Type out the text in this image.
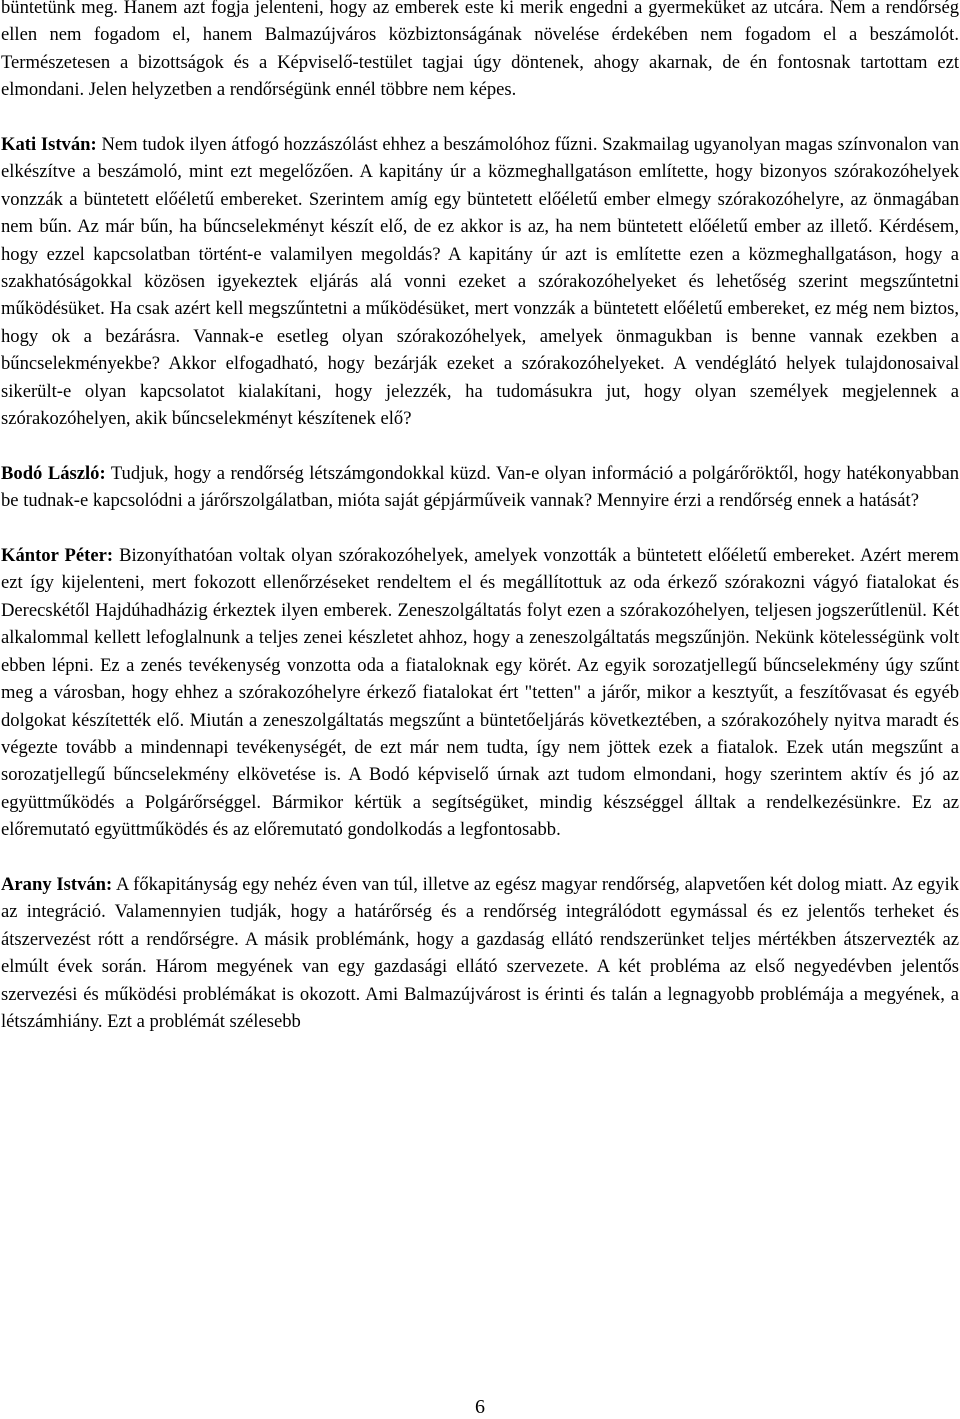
büntetünk meg. Hanem azt fogja jelenteni, hogy az emberek este ki merik engedni a gyermeküket az utcára. Nem a rendőrség ellen nem fogadom el, hanem Balmazújváros közbiztonságának növelése érdekében nem fogadom el a beszámolót. Természetesen a bizottságok és a Képviselő-testület tagjai úgy döntenek, ahogy akarnak, de én fontosnak tartottam ezt elmondani. Jelen helyzetben a rendőrségünk ennél többre nem képes.

Kati István: Nem tudok ilyen átfogó hozzászólást ehhez a beszámolóhoz fűzni. Szakmailag ugyanolyan magas színvonalon van elkészítve a beszámoló, mint ezt megelőzően. A kapitány úr a közmeghallgatáson említette, hogy bizonyos szórakozóhelyek vonzzák a büntetett előéletű embereket. Szerintem amíg egy büntetett előéletű ember elmegy szórakozóhelyre, az önmagában nem bűn. Az már bűn, ha bűncselekményt készít elő, de ez akkor is az, ha nem büntetett előéletű ember az illető. Kérdésem, hogy ezzel kapcsolatban történt-e valamilyen megoldás? A kapitány úr azt is említette ezen a közmeghallgatáson, hogy a szakhatóságokkal közösen igyekeztek eljárás alá vonni ezeket a szórakozóhelyeket és lehetőség szerint megszűntetni működésüket. Ha csak azért kell megszűntetni a működésüket, mert vonzzák a büntetett előéletű embereket, ez még nem biztos, hogy ok a bezárásra. Vannak-e esetleg olyan szórakozóhelyek, amelyek önmagukban is benne vannak ezekben a bűncselekményekbe? Akkor elfogadható, hogy bezárják ezeket a szórakozóhelyeket. A vendéglátó helyek tulajdonosaival sikerült-e olyan kapcsolatot kialakítani, hogy jelezzék, ha tudomásukra jut, hogy olyan személyek megjelennek a szórakozóhelyen, akik bűncselekményt készítenek elő?

Bodó László: Tudjuk, hogy a rendőrség létszámgondokkal küzd. Van-e olyan információ a polgárőröktől, hogy hatékonyabban be tudnak-e kapcsolódni a járőrszolgálatban, mióta saját gépjárműveik vannak? Mennyire érzi a rendőrség ennek a hatását?

Kántor Péter: Bizonyíthatóan voltak olyan szórakozóhelyek, amelyek vonzották a büntetett előéletű embereket. Azért merem ezt így kijelenteni, mert fokozott ellenőrzéseket rendeltem el és megállítottuk az oda érkező szórakozni vágyó fiatalokat és Derecskétől Hajdúhadházig érkeztek ilyen emberek. Zeneszolgáltatás folyt ezen a szórakozóhelyen, teljesen jogszerűtlenül. Két alkalommal kellett lefoglalnunk a teljes zenei készletet ahhoz, hogy a zeneszolgáltatás megszűnjön. Nekünk kötelességünk volt ebben lépni. Ez a zenés tevékenység vonzotta oda a fiataloknak egy körét. Az egyik sorozatjellegű bűncselekmény úgy szűnt meg a városban, hogy ehhez a szórakozóhelyre érkező fiatalokat ért "tetten" a járőr, mikor a kesztyűt, a feszítővasat és egyéb dolgokat készítették elő. Miután a zeneszolgáltatás megszűnt a büntetőeljárás következtében, a szórakozóhely nyitva maradt és végezte tovább a mindennapi tevékenységét, de ezt már nem tudta, így nem jöttek ezek a fiatalok. Ezek után megszűnt a sorozatjellegű bűncselekmény elkövetése is. A Bodó képviselő úrnak azt tudom elmondani, hogy szerintem aktív és jó az együttműködés a Polgárőrséggel. Bármikor kértük a segítségüket, mindig készséggel álltak a rendelkezésünkre. Ez az előremutató együttműködés és az előremutató gondolkodás a legfontosabb.

Arany István: A főkapitányság egy nehéz éven van túl, illetve az egész magyar rendőrség, alapvetően két dolog miatt. Az egyik az integráció. Valamennyien tudják, hogy a határőrség és a rendőrség integrálódott egymással és ez jelentős terheket és átszervezést rótt a rendőrségre. A másik problémánk, hogy a gazdaság ellátó rendszerünket teljes mértékben átszervezték az elmúlt évek során. Három megyének van egy gazdasági ellátó szervezete. A két probléma az első negyedévben jelentős szervezési és működési problémákat is okozott. Ami Balmazújvárost is érinti és talán a legnagyobb problémája a megyének, a létszámhiány. Ezt a problémát szélesebb

6
